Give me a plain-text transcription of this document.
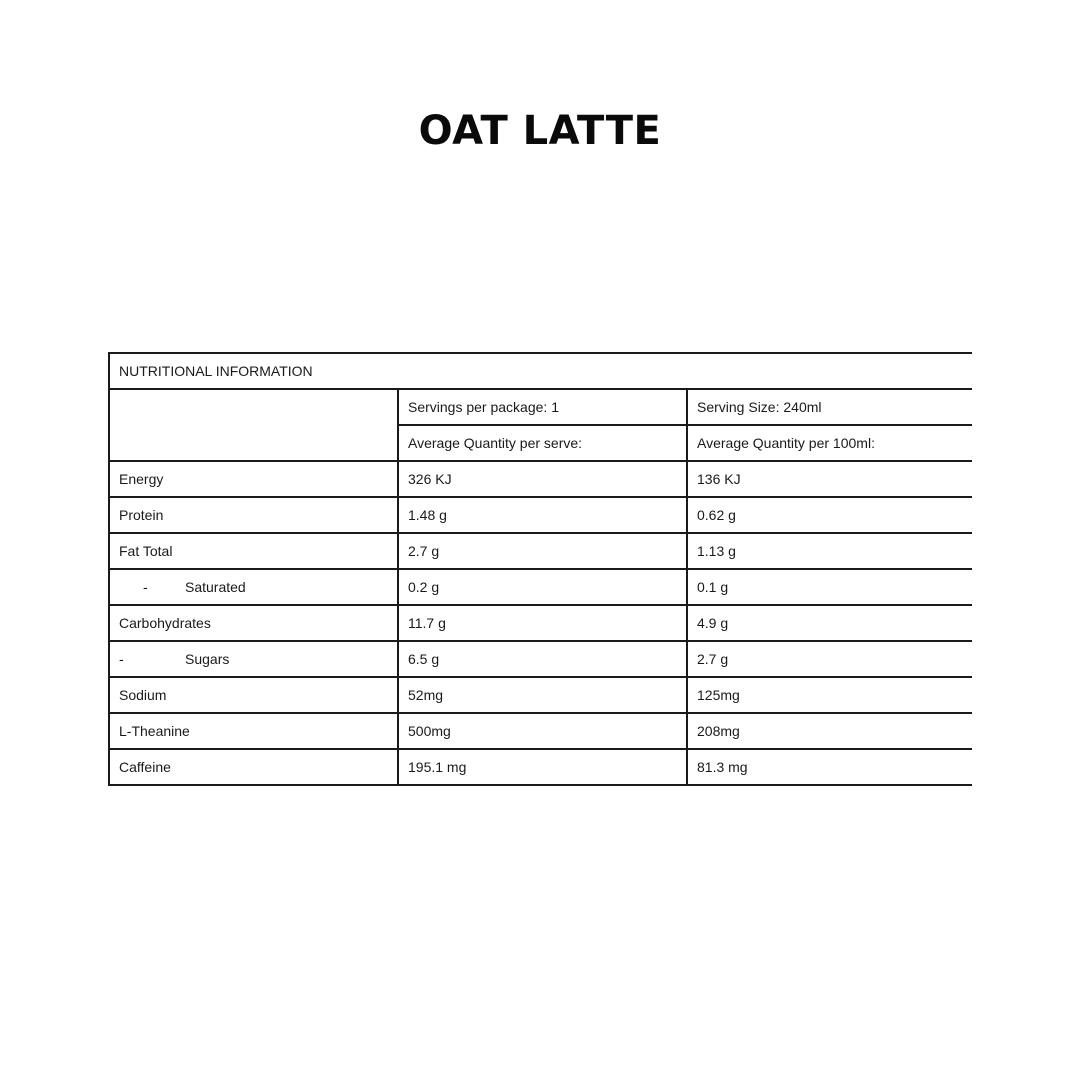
OAT LATTE
NUTRITIONAL INFORMATION		
	Servings per package: 1	Serving Size: 240ml
	Average Quantity per serve:	Average Quantity per 100ml:
Energy	326 KJ	136 KJ
Protein	1.48 g	0.62 g
Fat Total	2.7 g	1.13 g
- Saturated	0.2 g	0.1 g
Carbohydrates	11.7 g	4.9 g
- Sugars	6.5 g	2.7 g
Sodium	52mg	125mg
L-Theanine	500mg	208mg
Caffeine	195.1 mg	81.3 mg
